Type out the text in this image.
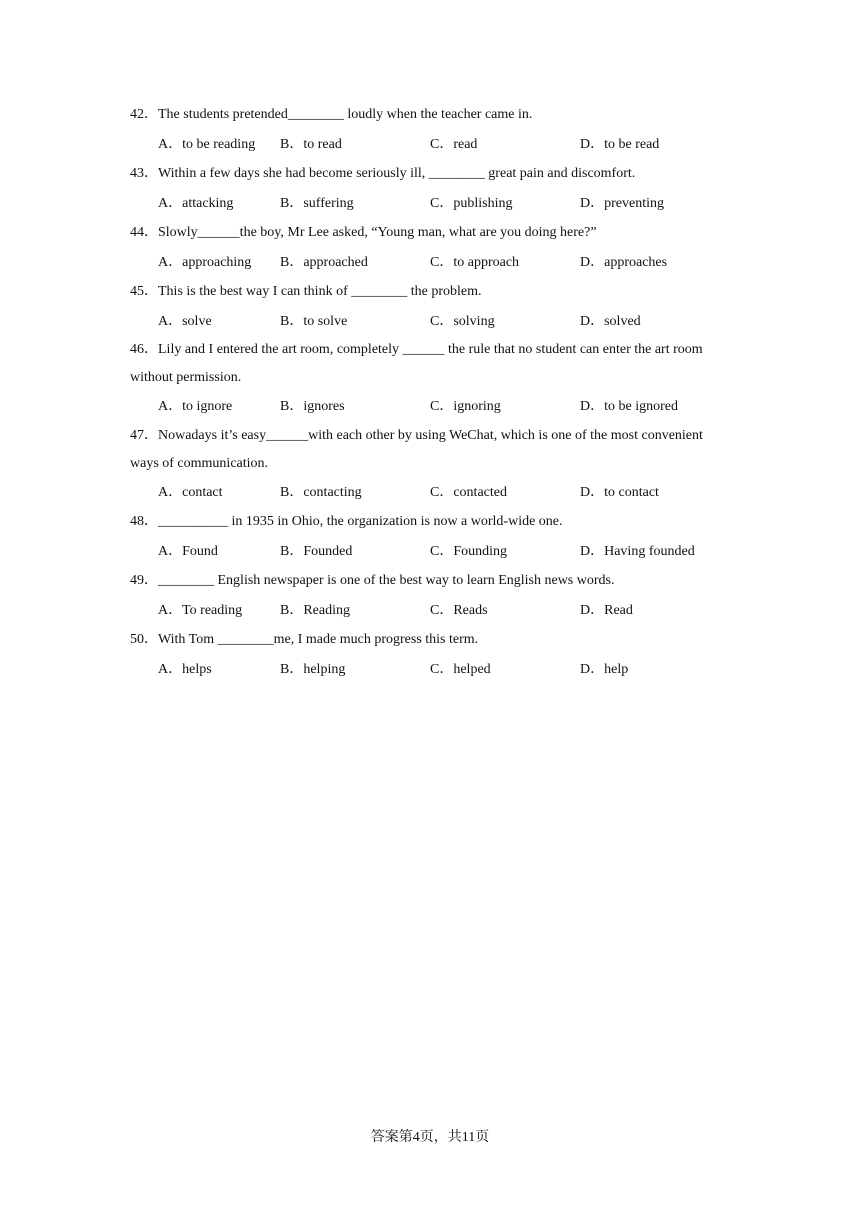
42．The students pretended________ loudly when the teacher came in.

A．to be reading B．to read	C．read	D．to be read

43．Within a few days she had become seriously ill, ________ great pain and discomfort.

A．attacking	B．suffering	C．publishing	D．preventing

44．Slowly______the boy, Mr Lee asked, “Young man, what are you doing here?”

A．approaching B．approached	C．to approach	D．approaches

45．This is the best way I can think of ________ the problem.

A．solve	B．to solve	C．solving	D．solved

46．Lily and I entered the art room, completely ______ the rule that no student can enter the art room without permission.

A．to ignore	B．ignores	C．ignoring	D．to be ignored

47．Nowadays it’s easy______with each other by using WeChat, which is one of the most convenient ways of communication.

A．contact	B．contacting	C．contacted	D．to contact

48．__________ in 1935 in Ohio, the organization is now a world-wide one.

A．Found	B．Founded	C．Founding	D．Having founded

49．________ English newspaper is one of the best way to learn English news words.

A．To reading	B．Reading	C．Reads	D．Read

50．With Tom ________me, I made much progress this term.

A．helps	B．helping	C．helped	D．help
答案第4页，共11页
